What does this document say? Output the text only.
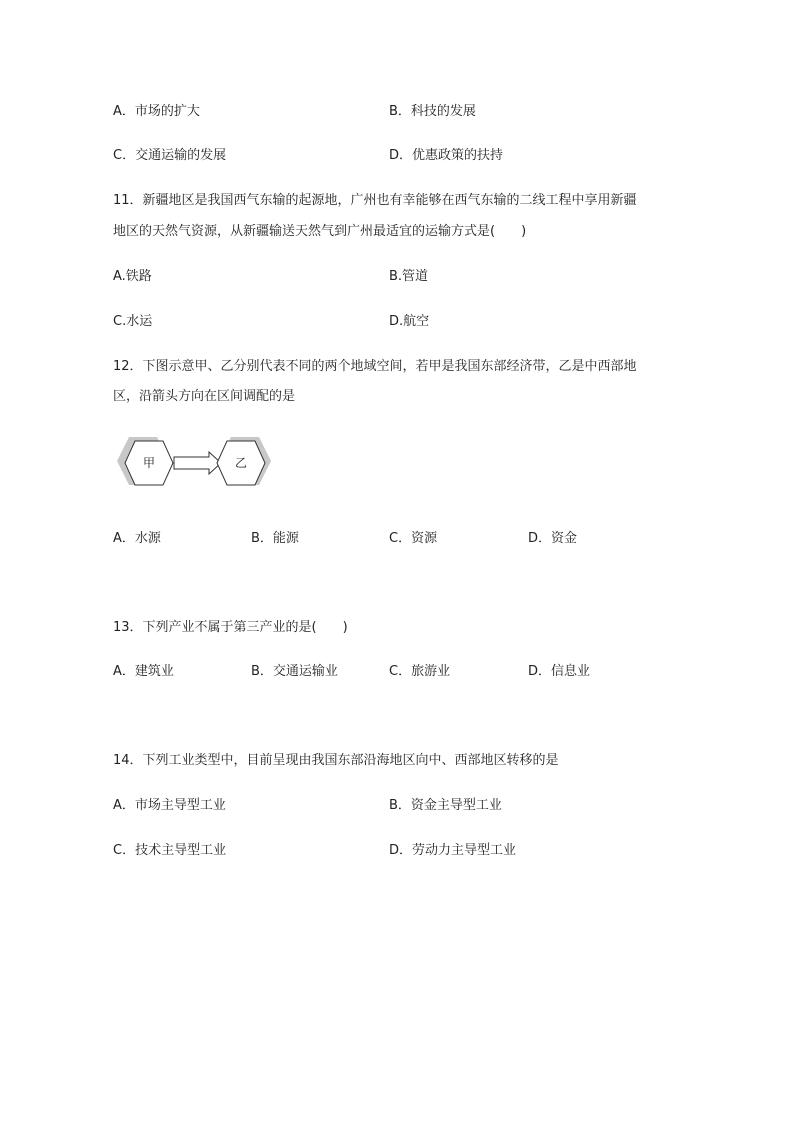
A．市场的扩大	B．科技的发展
C．交通运输的发展	D．优惠政策的扶持
11．新疆地区是我国西气东输的起源地，广州也有幸能够在西气东输的二线工程中享用新疆
地区的天然气资源，从新疆输送天然气到广州最适宜的运输方式是(　　)
A.铁路	B.管道
C.水运	D.航空
12．下图示意甲、乙分别代表不同的两个地域空间，若甲是我国东部经济带，乙是中西部地
区，沿箭头方向在区间调配的是
甲	乙
A．水源	B．能源	C．资源	D．资金
13．下列产业不属于第三产业的是(　　)
A．建筑业	B．交通运输业	C．旅游业	D．信息业
14．下列工业类型中，目前呈现由我国东部沿海地区向中、西部地区转移的是
A．市场主导型工业	B．资金主导型工业
C．技术主导型工业	D．劳动力主导型工业
